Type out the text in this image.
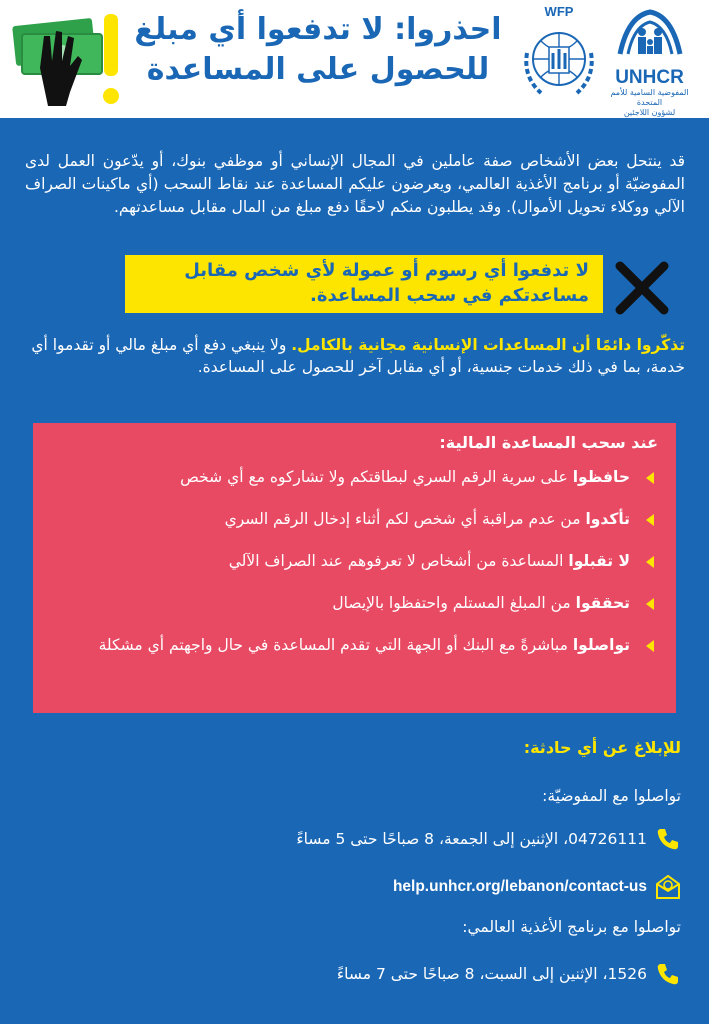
احذروا: لا تدفعوا أي مبلغ
للحصول على المساعدة	UNHCR
المفوضية السامية للأمم المتحدة
لشؤون اللاجئين
WFP
قد ينتحل بعض الأشخاص صفة عاملين في المجال الإنساني أو موظفي بنوك، أو يدّعون العمل لدى المفوضيّة أو برنامج الأغذية العالمي، ويعرضون عليكم المساعدة عند نقاط السحب (أي ماكينات الصراف الآلي ووكلاء تحويل الأموال). وقد يطلبون منكم لاحقًا دفع مبلغ من المال مقابل مساعدتهم.
لا تدفعوا أي رسوم أو عمولة لأي شخص مقابل مساعدتكم في سحب المساعدة.
تذكّروا دائمًا أن المساعدات الإنسانية مجانية بالكامل. ولا ينبغي دفع أي مبلغ مالي أو تقدموا أي خدمة، بما في ذلك خدمات جنسية، أو أي مقابل آخر للحصول على المساعدة.
عند سحب المساعدة المالية:
حافظوا على سرية الرقم السري لبطاقتكم ولا تشاركوه مع أي شخص
تأكدوا من عدم مراقبة أي شخص لكم أثناء إدخال الرقم السري
لا تقبلوا المساعدة من أشخاص لا تعرفوهم عند الصراف الآلي
تحققوا من المبلغ المستلم واحتفظوا بالإيصال
تواصلوا مباشرةً مع البنك أو الجهة التي تقدم المساعدة في حال واجهتم أي مشكلة
للإبلاغ عن أي حادثة:
تواصلوا مع المفوضيّة:
04726111، الإثنين إلى الجمعة، 8 صباحًا حتى 5 مساءً
help.unhcr.org/lebanon/contact-us
تواصلوا مع برنامج الأغذية العالمي:
1526، الإثنين إلى السبت، 8 صباحًا حتى 7 مساءً
